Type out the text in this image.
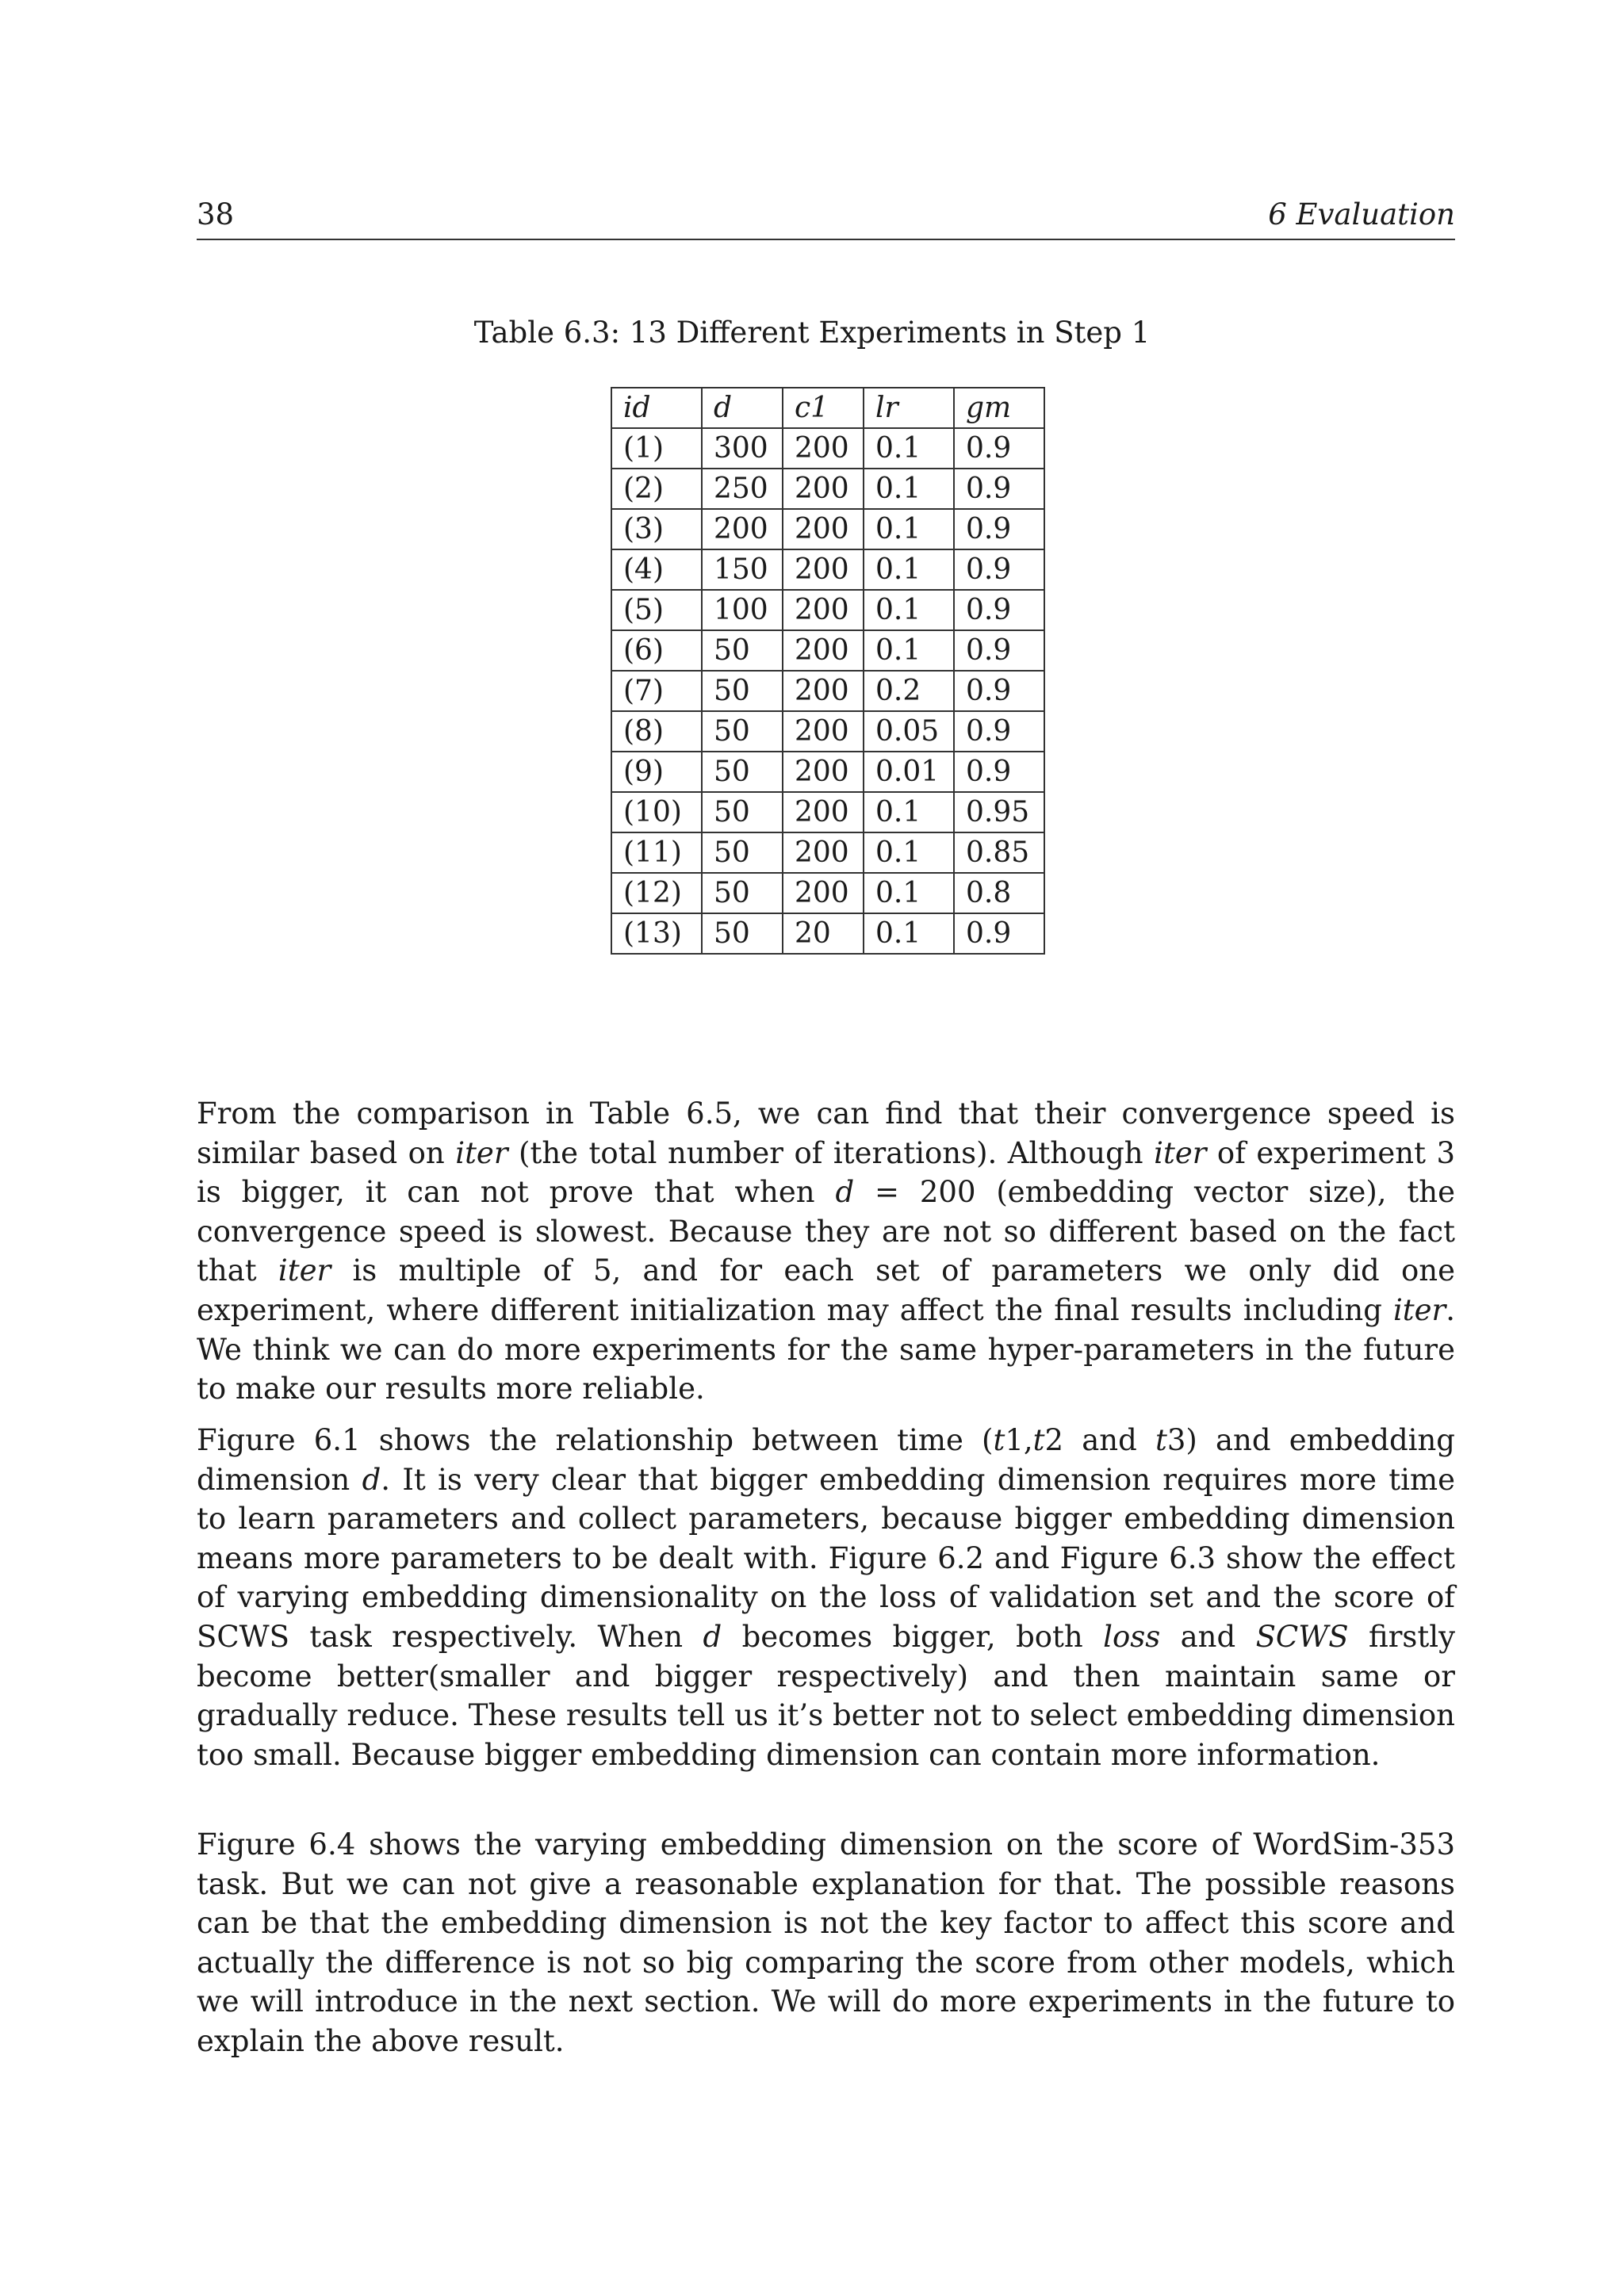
38	6 Evaluation
Table 6.3: 13 Different Experiments in Step 1
id	d	c1	lr	gm
(1)	300	200	0.1	0.9
(2)	250	200	0.1	0.9
(3)	200	200	0.1	0.9
(4)	150	200	0.1	0.9
(5)	100	200	0.1	0.9
(6)	50	200	0.1	0.9
(7)	50	200	0.2	0.9
(8)	50	200	0.05	0.9
(9)	50	200	0.01	0.9
(10)	50	200	0.1	0.95
(11)	50	200	0.1	0.85
(12)	50	200	0.1	0.8
(13)	50	20	0.1	0.9

From the comparison in Table 6.5, we can find that their convergence speed is similar based on iter (the total number of iterations). Although iter of experiment 3 is bigger, it can not prove that when d = 200 (embedding vector size), the convergence speed is slowest. Because they are not so different based on the fact that iter is multiple of 5, and for each set of parameters we only did one experiment, where different initialization may affect the final results including iter. We think we can do more experiments for the same hyper-parameters in the future to make our results more reliable.

Figure 6.1 shows the relationship between time (t1,t2 and t3) and embedding dimension d. It is very clear that bigger embedding dimension requires more time to learn parameters and collect parameters, because bigger embedding dimension means more parameters to be dealt with. Figure 6.2 and Figure 6.3 show the effect of varying embedding dimensionality on the loss of validation set and the score of SCWS task respectively. When d becomes bigger, both loss and SCWS firstly become better(smaller and bigger respectively) and then maintain same or gradually reduce. These results tell us it’s better not to select embedding dimension too small. Because bigger embedding dimension can contain more information.

Figure 6.4 shows the varying embedding dimension on the score of WordSim-353 task. But we can not give a reasonable explanation for that. The possible reasons can be that the embedding dimension is not the key factor to affect this score and actually the difference is not so big comparing the score from other models, which we will introduce in the next section. We will do more experiments in the future to explain the above result.
